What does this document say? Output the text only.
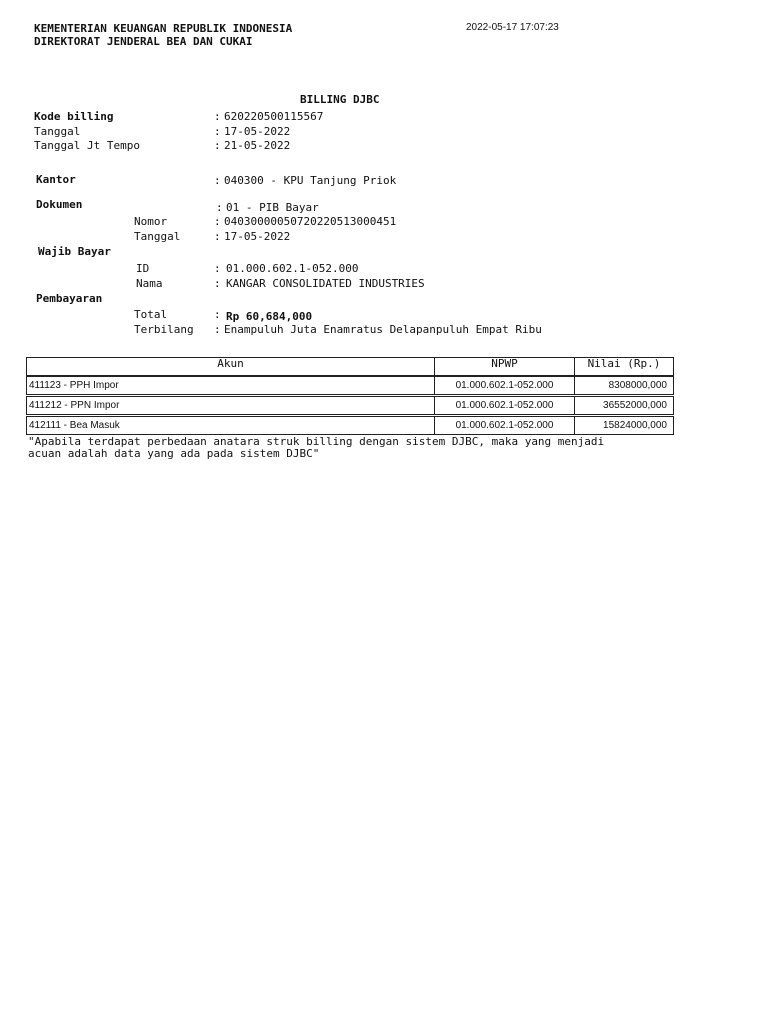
KEMENTERIAN KEUANGAN REPUBLIK INDONESIA
DIREKTORAT JENDERAL BEA DAN CUKAI
2022-05-17 17:07:23
BILLING DJBC
Kode billing	: 620220500115567
Tanggal	: 17-05-2022
Tanggal Jt Tempo	: 21-05-2022
Kantor	: 040300 - KPU Tanjung Priok
Dokumen	: 01 - PIB Bayar
Nomor	: 040300000507202205130004​51
Tanggal	: 17-05-2022
Wajib Bayar
ID	: 01.000.602.1-052.000
Nama	: KANGAR CONSOLIDATED INDUSTRIES
Pembayaran
Total	: Rp 60,684,000
Terbilang : Enampuluh Juta Enamratus Delapanpuluh Empat Ribu
Akun	NPWP	Nilai (Rp.)
411123 - PPH Impor	01.000.602.1-052.000	8308000,000
411212 - PPN Impor	01.000.602.1-052.000	36552000,000
412111 - Bea Masuk	01.000.602.1-052.000	15824000,000
"Apabila terdapat perbedaan anatara struk billing dengan sistem DJBC, maka yang menjadi
acuan adalah data yang ada pada sistem DJBC"
